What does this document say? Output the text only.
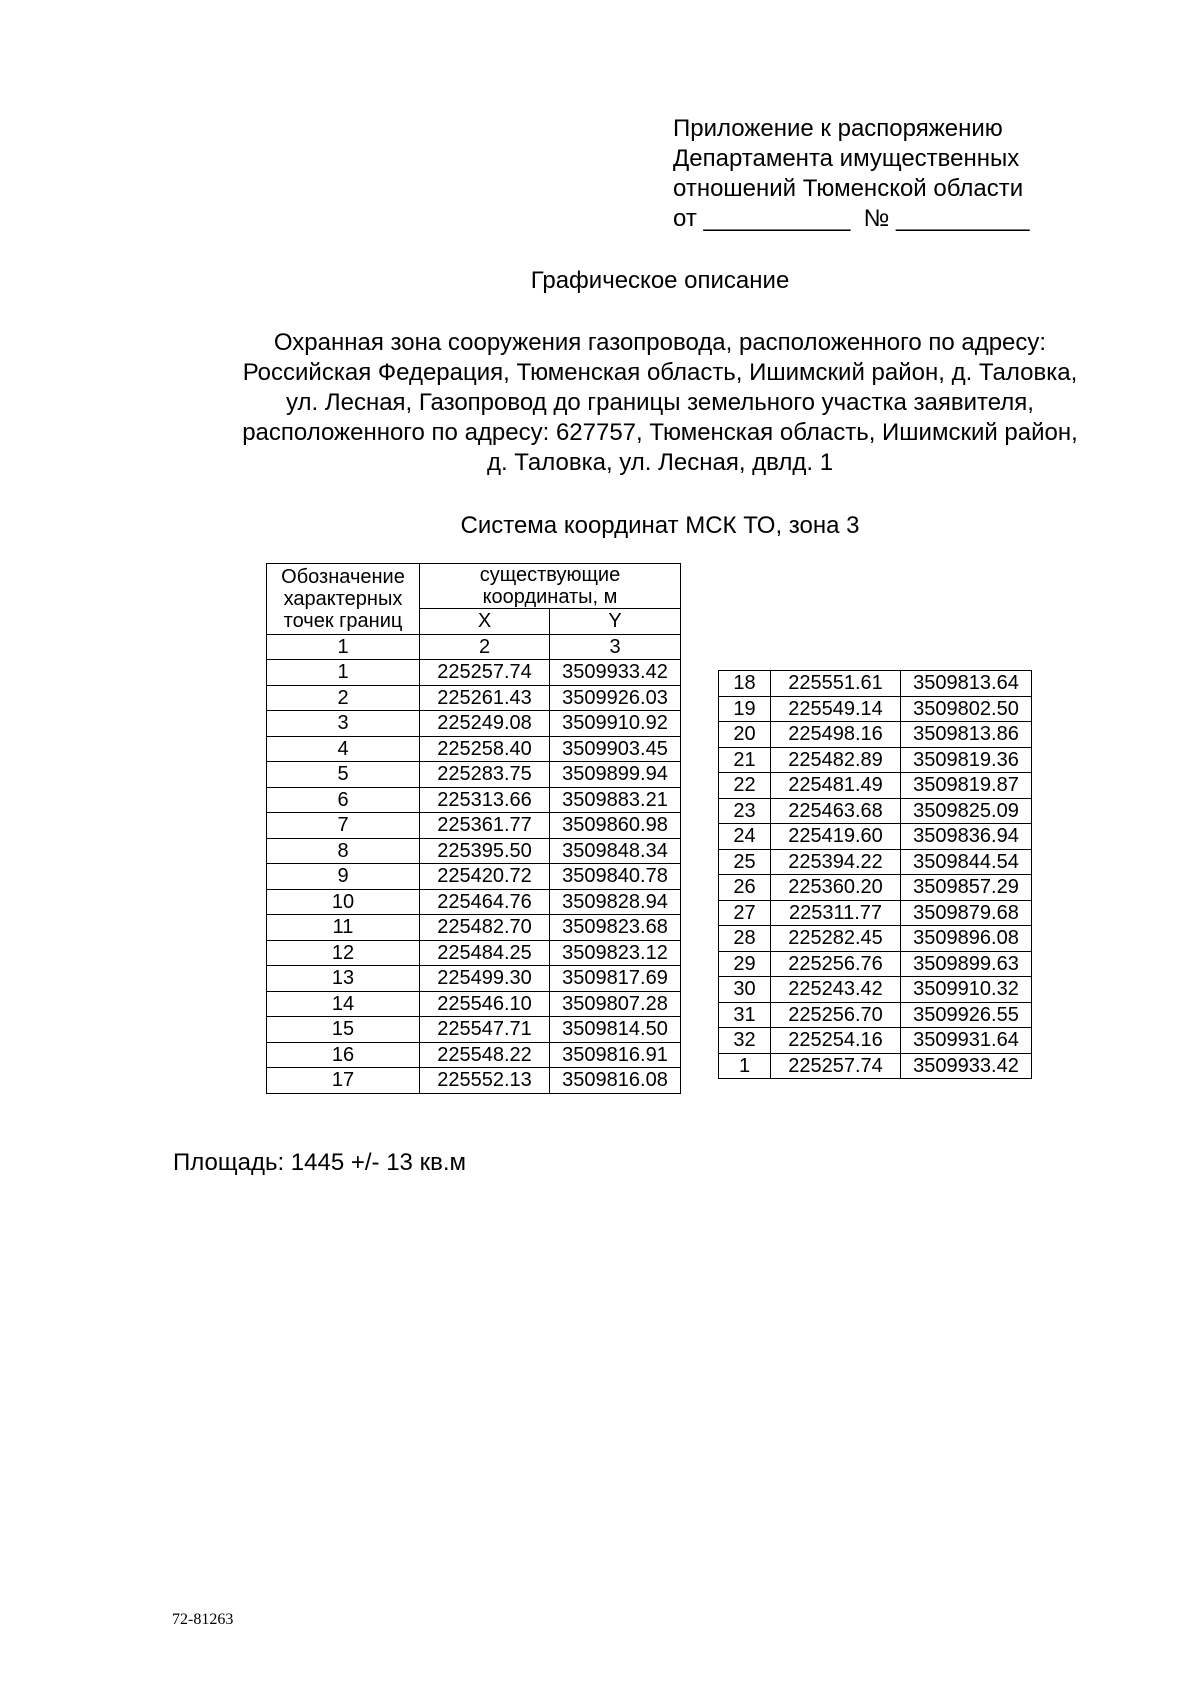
Приложение к распоряжению
Департамента имущественных
отношений Тюменской области
от ___________  № __________
Графическое описание
Охранная зона сооружения газопровода, расположенного по адресу:
Российская Федерация, Тюменская область, Ишимский район, д. Таловка,
ул. Лесная, Газопровод до границы земельного участка заявителя,
расположенного по адресу: 627757, Тюменская область, Ишимский район,
д. Таловка, ул. Лесная, двлд. 1
Система координат МСК ТО, зона 3
Обозначение характерных точек границ	существующие координаты, м	
	X	Y
1	2	3
1	225257.74	3509933.42
2	225261.43	3509926.03
3	225249.08	3509910.92
4	225258.40	3509903.45
5	225283.75	3509899.94
6	225313.66	3509883.21
7	225361.77	3509860.98
8	225395.50	3509848.34
9	225420.72	3509840.78
10	225464.76	3509828.94
11	225482.70	3509823.68
12	225484.25	3509823.12
13	225499.30	3509817.69
14	225546.10	3509807.28
15	225547.71	3509814.50
16	225548.22	3509816.91
17	225552.13	3509816.08
18	225551.61	3509813.64
19	225549.14	3509802.50
20	225498.16	3509813.86
21	225482.89	3509819.36
22	225481.49	3509819.87
23	225463.68	3509825.09
24	225419.60	3509836.94
25	225394.22	3509844.54
26	225360.20	3509857.29
27	225311.77	3509879.68
28	225282.45	3509896.08
29	225256.76	3509899.63
30	225243.42	3509910.32
31	225256.70	3509926.55
32	225254.16	3509931.64
1	225257.74	3509933.42
Площадь: 1445 +/- 13 кв.м
72-81263
